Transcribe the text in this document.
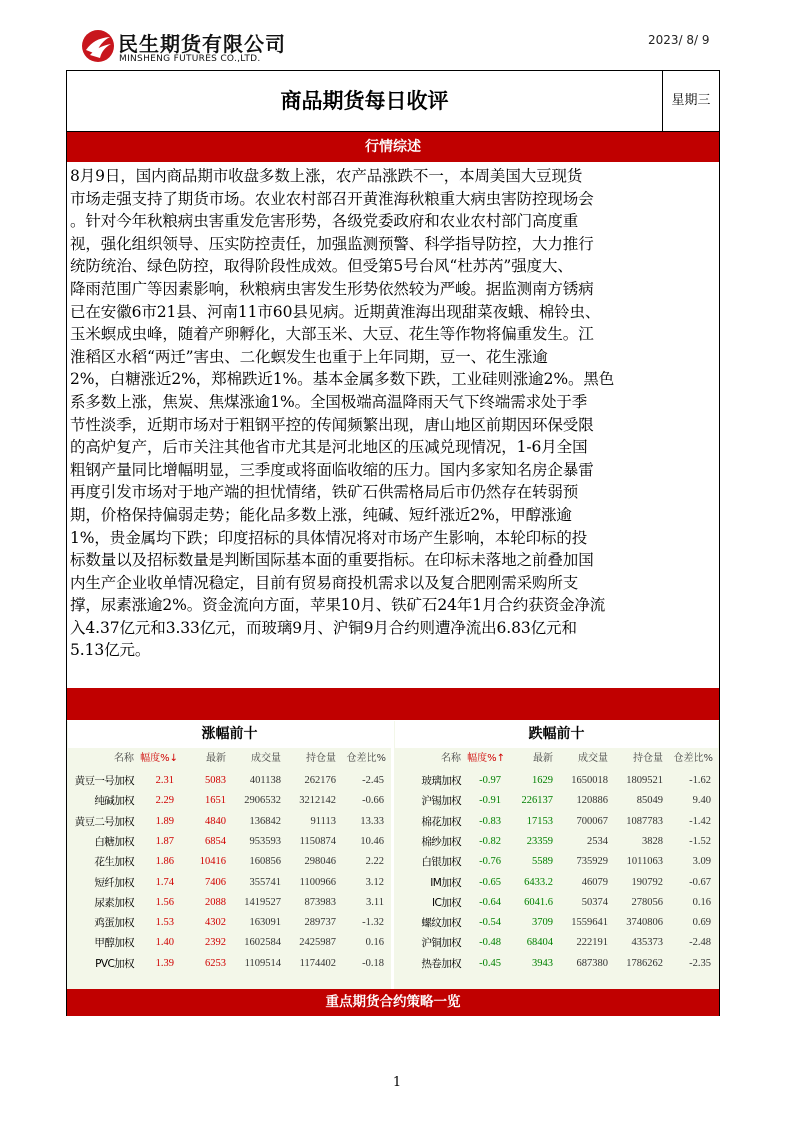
民生期货有限公司
MINSHENG FUTURES CO.,LTD.
2023/ 8/ 9
商品期货每日收评	星期三
行情综述
8月9日，国内商品期市收盘多数上涨，农产品涨跌不一，本周美国大豆现货
市场走强支持了期货市场。农业农村部召开黄淮海秋粮重大病虫害防控现场会
。针对今年秋粮病虫害重发危害形势，各级党委政府和农业农村部门高度重
视，强化组织领导、压实防控责任，加强监测预警、科学指导防控，大力推行
统防统治、绿色防控，取得阶段性成效。但受第5号台风“杜苏芮”强度大、
降雨范围广等因素影响，秋粮病虫害发生形势依然较为严峻。据监测南方锈病
已在安徽6市21县、河南11市60县见病。近期黄淮海出现甜菜夜蛾、棉铃虫、
玉米螟成虫峰，随着产卵孵化，大部玉米、大豆、花生等作物将偏重发生。江
淮稻区水稻“两迁”害虫、二化螟发生也重于上年同期，豆一、花生涨逾
2%，白糖涨近2%，郑棉跌近1%。基本金属多数下跌，工业硅则涨逾2%。黑色
系多数上涨，焦炭、焦煤涨逾1%。全国极端高温降雨天气下终端需求处于季
节性淡季，近期市场对于粗钢平控的传闻频繁出现，唐山地区前期因环保受限
的高炉复产，后市关注其他省市尤其是河北地区的压减兑现情况，1-6月全国
粗钢产量同比增幅明显，三季度或将面临收缩的压力。国内多家知名房企暴雷
再度引发市场对于地产端的担忧情绪，铁矿石供需格局后市仍然存在转弱预
期，价格保持偏弱走势；能化品多数上涨，纯碱、短纤涨近2%，甲醇涨逾
1%，贵金属均下跌；印度招标的具体情况将对市场产生影响，本轮印标的投
标数量以及招标数量是判断国际基本面的重要指标。在印标未落地之前叠加国
内生产企业收单情况稳定，目前有贸易商投机需求以及复合肥刚需采购所支
撑，尿素涨逾2%。资金流向方面，苹果10月、铁矿石24年1月合约获资金净流
入4.37亿元和3.33亿元，而玻璃9月、沪铜9月合约则遭净流出6.83亿元和
5.13亿元。
涨幅前十
名称 幅度%↓	最新	成交量	持仓量 仓差比%
黄豆一号加权 2.31	5083 401138 262176 -2.45
纯碱加权 2.29	1651 2906532 3212142 -0.66
黄豆二号加权 1.89	4840 136842	91113 13.33
白糖加权 1.87	6854 953593 1150874 10.46
花生加权 1.86 10416 160856 298046	2.22
短纤加权 1.74	7406 355741 1100966	3.12
尿素加权 1.56	2088 1419527 873983	3.11
鸡蛋加权 1.53	4302 163091 289737 -1.32
甲醇加权 1.40	2392 1602584 2425987	0.16
PVC加权 1.39	6253 1109514 1174402 -0.18
跌幅前十
名称 幅度%↑	最新	成交量	持仓量 仓差比%
玻璃加权 -0.97	1629 1650018 1809521 -1.62
沪锡加权 -0.91 226137 120886	85049	9.40
棉花加权 -0.83 17153 700067 1087783 -1.42
棉纱加权 -0.82 23359	2534	3828 -1.52
白银加权 -0.76	5589 735929 1011063	3.09
IM加权 -0.65 6433.2	46079 190792 -0.67
IC加权 -0.64 6041.6	50374 278056	0.16
螺纹加权 -0.54	3709 1559641 3740806	0.69
沪铜加权 -0.48 68404 222191 435373 -2.48
热卷加权 -0.45	3943 687380 1786262 -2.35
重点期货合约策略一览
1
